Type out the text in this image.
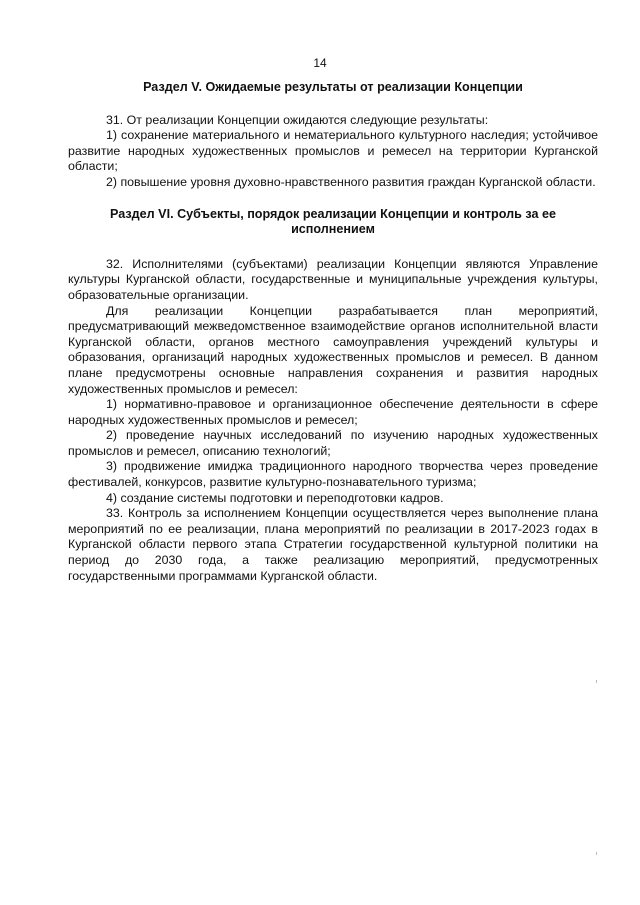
14
Раздел V. Ожидаемые результаты от реализации Концепции

31. От реализации Концепции ожидаются следующие результаты:

1) сохранение материального и нематериального культурного наследия; устойчивое развитие народных художественных промыслов и ремесел на территории Курганской области;

2) повышение уровня духовно-нравственного развития граждан Курганской области.

Раздел VI. Субъекты, порядок реализации Концепции и контроль за ее исполнением

32. Исполнителями (субъектами) реализации Концепции являются Управление культуры Курганской области, государственные и муниципальные учреждения культуры, образовательные организации.

Для реализации Концепции разрабатывается план мероприятий, предусматривающий межведомственное взаимодействие органов исполнительной власти Курганской области, органов местного самоуправления учреждений культуры и образования, организаций народных художественных промыслов и ремесел. В данном плане предусмотрены основные направления сохранения и развития народных художественных промыслов и ремесел:

1) нормативно-правовое и организационное обеспечение деятельности в сфере народных художественных промыслов и ремесел;

2) проведение научных исследований по изучению народных художественных промыслов и ремесел, описанию технологий;

3) продвижение имиджа традиционного народного творчества через проведение фестивалей, конкурсов, развитие культурно-познавательного туризма;

4) создание системы подготовки и переподготовки кадров.

33. Контроль за исполнением Концепции осуществляется через выполнение плана мероприятий по ее реализации, плана мероприятий по реализации в 2017-2023 годах в Курганской области первого этапа Стратегии государственной культурной политики на период до 2030 года, а также реализацию мероприятий, предусмотренных государственными программами Курганской области.
